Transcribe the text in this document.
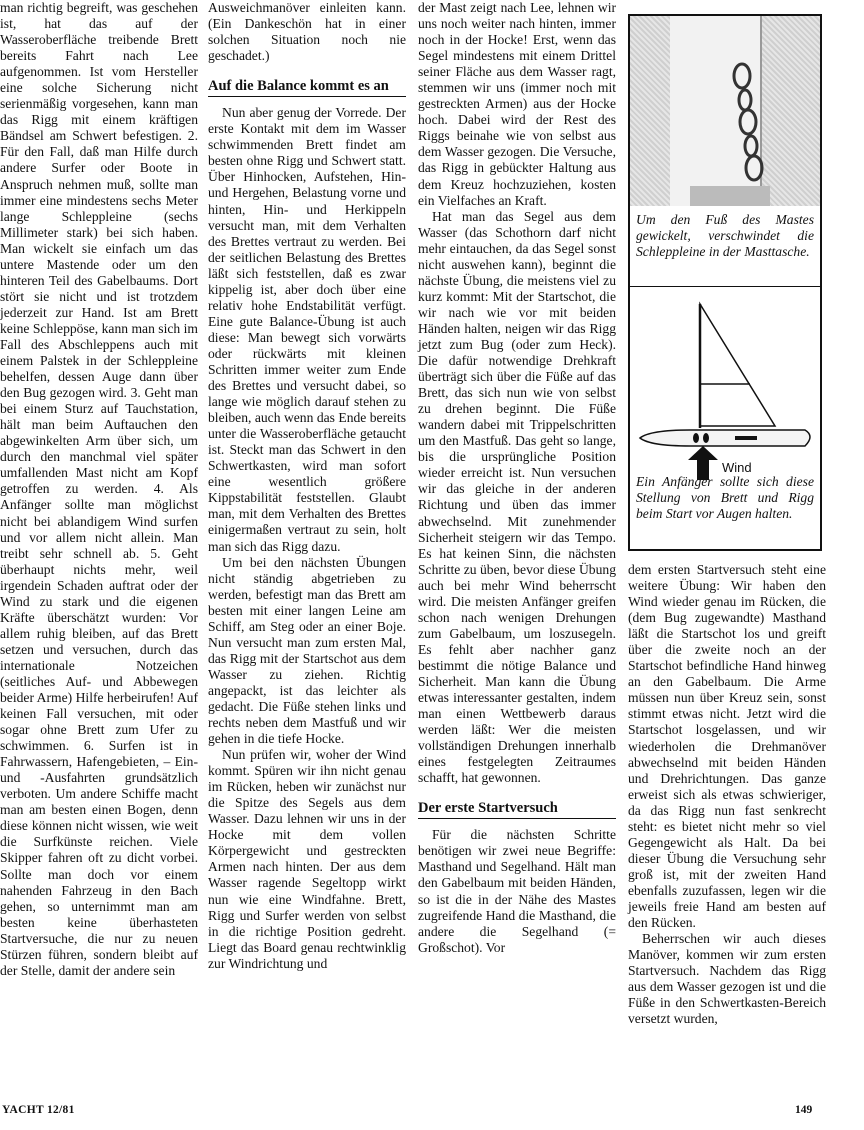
man richtig begreift, was geschehen ist, hat das auf der Wasseroberfläche treibende Brett bereits Fahrt nach Lee aufgenommen. Ist vom Hersteller eine solche Sicherung nicht serienmäßig vorgesehen, kann man das Rigg mit einem kräftigen Bändsel am Schwert befestigen. 2. Für den Fall, daß man Hilfe durch andere Surfer oder Boote in Anspruch nehmen muß, sollte man immer eine mindestens sechs Meter lange Schleppleine (sechs Millimeter stark) bei sich haben. Man wickelt sie einfach um das untere Mastende oder um den hinteren Teil des Gabelbaums. Dort stört sie nicht und ist trotzdem jederzeit zur Hand. Ist am Brett keine Schleppöse, kann man sich im Fall des Abschleppens auch mit einem Palstek in der Schleppleine behelfen, dessen Auge dann über den Bug gezogen wird. 3. Geht man bei einem Sturz auf Tauchstation, hält man beim Auftauchen den abgewinkelten Arm über sich, um durch den manchmal viel später umfallenden Mast nicht am Kopf getroffen zu werden. 4. Als Anfänger sollte man möglichst nicht bei ablandigem Wind surfen und vor allem nicht allein. Man treibt sehr schnell ab. 5. Geht überhaupt nichts mehr, weil irgendein Schaden auftrat oder der Wind zu stark und die eigenen Kräfte überschätzt wurden: Vor allem ruhig bleiben, auf das Brett setzen und versuchen, durch das internationale Notzeichen (seitliches Auf- und Abbewegen beider Arme) Hilfe herbeirufen! Auf keinen Fall versuchen, mit oder sogar ohne Brett zum Ufer zu schwimmen. 6. Surfen ist in Fahrwassern, Hafengebieten, – Ein- und -Ausfahrten grundsätzlich verboten. Um andere Schiffe macht man am besten einen Bogen, denn diese können nicht wissen, wie weit die Surfkünste reichen. Viele Skipper fahren oft zu dicht vorbei. Sollte man doch vor einem nahenden Fahrzeug in den Bach gehen, so unternimmt man am besten keine überhasteten Startversuche, die nur zu neuen Stürzen führen, sondern bleibt auf der Stelle, damit der andere sein

Ausweichmanöver einleiten kann. (Ein Dankeschön hat in einer solchen Situation noch nie geschadet.)

Auf die Balance kommt es an

Nun aber genug der Vorrede. Der erste Kontakt mit dem im Wasser schwimmenden Brett findet am besten ohne Rigg und Schwert statt. Über Hinhocken, Aufstehen, Hin- und Hergehen, Belastung vorne und hinten, Hin- und Herkippeln versucht man, mit dem Verhalten des Brettes vertraut zu werden. Bei der seitlichen Belastung des Brettes läßt sich feststellen, daß es zwar kippelig ist, aber doch über eine relativ hohe Endstabilität verfügt. Eine gute Balance-Übung ist auch diese: Man bewegt sich vorwärts oder rückwärts mit kleinen Schritten immer weiter zum Ende des Brettes und versucht dabei, so lange wie möglich darauf stehen zu bleiben, auch wenn das Ende bereits unter die Wasseroberfläche getaucht ist. Steckt man das Schwert in den Schwertkasten, wird man sofort eine wesentlich größere Kippstabilität feststellen. Glaubt man, mit dem Verhalten des Brettes einigermaßen vertraut zu sein, holt man sich das Rigg dazu.

Um bei den nächsten Übungen nicht ständig abgetrieben zu werden, befestigt man das Brett am besten mit einer langen Leine am Schiff, am Steg oder an einer Boje. Nun versucht man zum ersten Mal, das Rigg mit der Startschot aus dem Wasser zu ziehen. Richtig angepackt, ist das leichter als gedacht. Die Füße stehen links und rechts neben dem Mastfuß und wir gehen in die tiefe Hocke.

Nun prüfen wir, woher der Wind kommt. Spüren wir ihn nicht genau im Rücken, heben wir zunächst nur die Spitze des Segels aus dem Wasser. Dazu lehnen wir uns in der Hocke mit dem vollen Körpergewicht und gestreckten Armen nach hinten. Der aus dem Wasser ragende Segeltopp wirkt nun wie eine Windfahne. Brett, Rigg und Surfer werden von selbst in die richtige Position gedreht. Liegt das Board genau rechtwinklig zur Windrichtung und

der Mast zeigt nach Lee, lehnen wir uns noch weiter nach hinten, immer noch in der Hocke! Erst, wenn das Segel mindestens mit einem Drittel seiner Fläche aus dem Wasser ragt, stemmen wir uns (immer noch mit gestreckten Armen) aus der Hocke hoch. Dabei wird der Rest des Riggs beinahe wie von selbst aus dem Wasser gezogen. Die Versuche, das Rigg in gebückter Haltung aus dem Kreuz hochzuziehen, kosten ein Vielfaches an Kraft.

Hat man das Segel aus dem Wasser (das Schothorn darf nicht mehr eintauchen, da das Segel sonst nicht auswehen kann), beginnt die nächste Übung, die meistens viel zu kurz kommt: Mit der Startschot, die wir nach wie vor mit beiden Händen halten, neigen wir das Rigg jetzt zum Bug (oder zum Heck). Die dafür notwendige Drehkraft überträgt sich über die Füße auf das Brett, das sich nun wie von selbst zu drehen beginnt. Die Füße wandern dabei mit Trippelschritten um den Mastfuß. Das geht so lange, bis die ursprüngliche Position wieder erreicht ist. Nun versuchen wir das gleiche in der anderen Richtung und üben das immer abwechselnd. Mit zunehmender Sicherheit steigern wir das Tempo. Es hat keinen Sinn, die nächsten Schritte zu üben, bevor diese Übung auch bei mehr Wind beherrscht wird. Die meisten Anfänger greifen schon nach wenigen Drehungen zum Gabelbaum, um loszusegeln. Es fehlt aber nachher ganz bestimmt die nötige Balance und Sicherheit. Man kann die Übung etwas interessanter gestalten, indem man einen Wettbewerb daraus werden läßt: Wer die meisten vollständigen Drehungen innerhalb eines festgelegten Zeitraumes schafft, hat gewonnen.

Der erste Startversuch

Für die nächsten Schritte benötigen wir zwei neue Begriffe: Masthand und Segelhand. Hält man den Gabelbaum mit beiden Händen, so ist die in der Nähe des Mastes zugreifende Hand die Masthand, die andere die Segelhand (= Großschot). Vor

Um den Fuß des Mastes gewickelt, verschwindet die Schleppleine in der Masttasche.
Wind
Ein Anfänger sollte sich diese Stellung von Brett und Rigg beim Start vor Augen halten.

dem ersten Startversuch steht eine weitere Übung: Wir haben den Wind wieder genau im Rücken, die (dem Bug zugewandte) Masthand läßt die Startschot los und greift über die zweite noch an der Startschot befindliche Hand hinweg an den Gabelbaum. Die Arme müssen nun über Kreuz sein, sonst stimmt etwas nicht. Jetzt wird die Startschot losgelassen, und wir wiederholen die Drehmanöver abwechselnd mit beiden Händen und Drehrichtungen. Das ganze erweist sich als etwas schwieriger, da das Rigg nun fast senkrecht steht: es bietet nicht mehr so viel Gegengewicht als Halt. Da bei dieser Übung die Versuchung sehr groß ist, mit der zweiten Hand ebenfalls zuzufassen, legen wir die jeweils freie Hand am besten auf den Rücken.

Beherrschen wir auch dieses Manöver, kommen wir zum ersten Startversuch. Nachdem das Rigg aus dem Wasser gezogen ist und die Füße in den Schwertkasten-Bereich versetzt wurden,

YACHT 12/81	149
